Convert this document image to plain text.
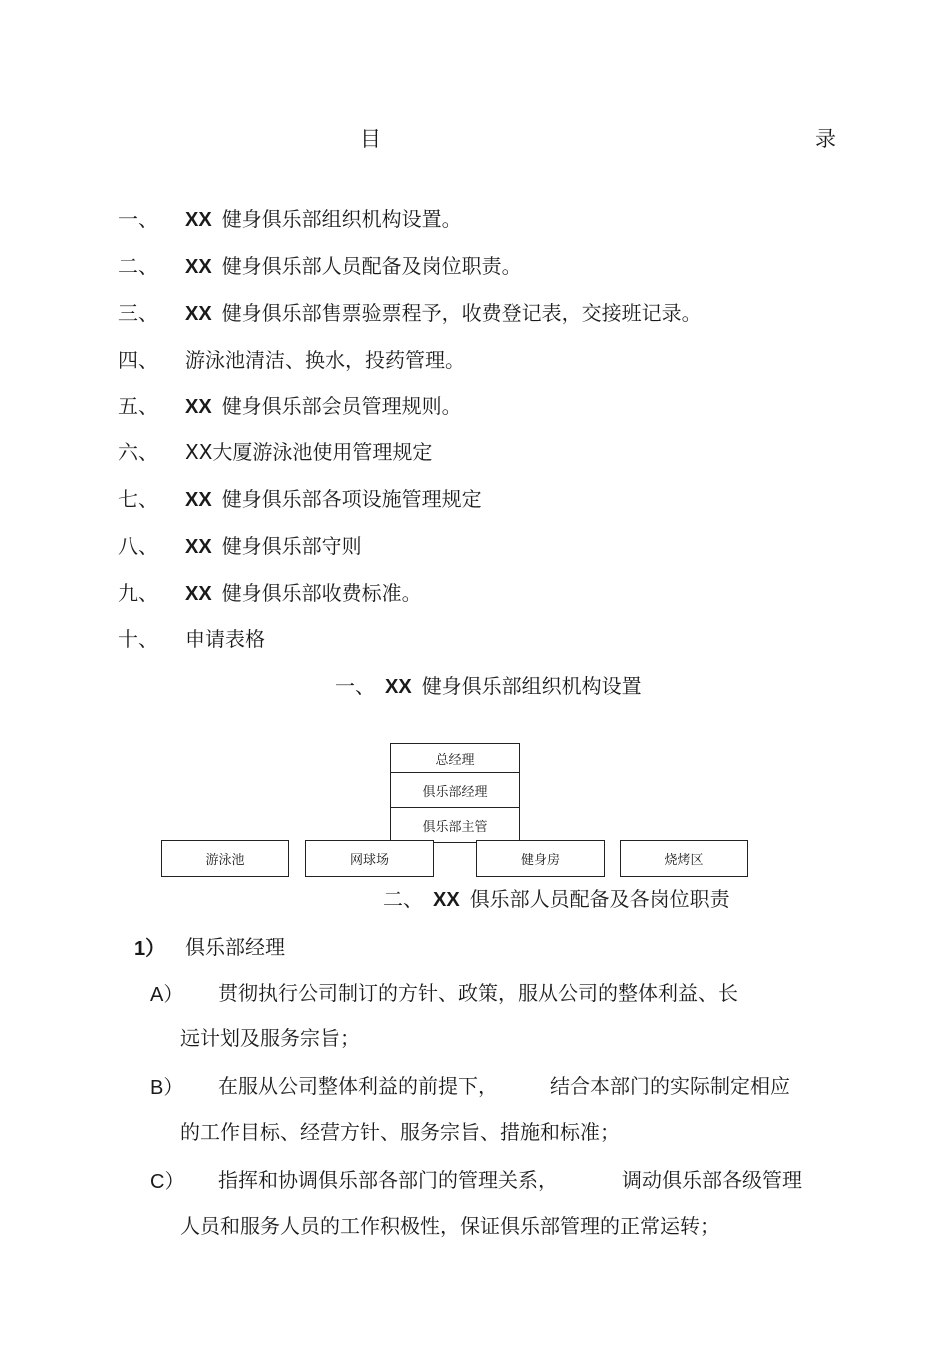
目	录
一、 XX 健身俱乐部组织机构设置。
二、 XX 健身俱乐部人员配备及岗位职责。
三、 XX 健身俱乐部售票验票程予，收费登记表，交接班记录。
四、 游泳池清洁、换水，投药管理。
五、 XX 健身俱乐部会员管理规则。
六、 XX大厦游泳池使用管理规定
七、 XX 健身俱乐部各项设施管理规定
八、 XX 健身俱乐部守则
九、 XX 健身俱乐部收费标准。
十、 申请表格
一、 XX 健身俱乐部组织机构设置
总经理
俱乐部经理
俱乐部主管
游泳池	网球场	健身房	烧烤区
二、 XX 俱乐部人员配备及各岗位职责
1） 俱乐部经理
A） 贯彻执行公司制订的方针、政策，服从公司的整体利益、长
远计划及服务宗旨；
B） 在服从公司整体利益的前提下，	结合本部门的实际制定相应
的工作目标、经营方针、服务宗旨、措施和标准；
C） 指挥和协调俱乐部各部门的管理关系，	调动俱乐部各级管理
人员和服务人员的工作积极性，保证俱乐部管理的正常运转；
